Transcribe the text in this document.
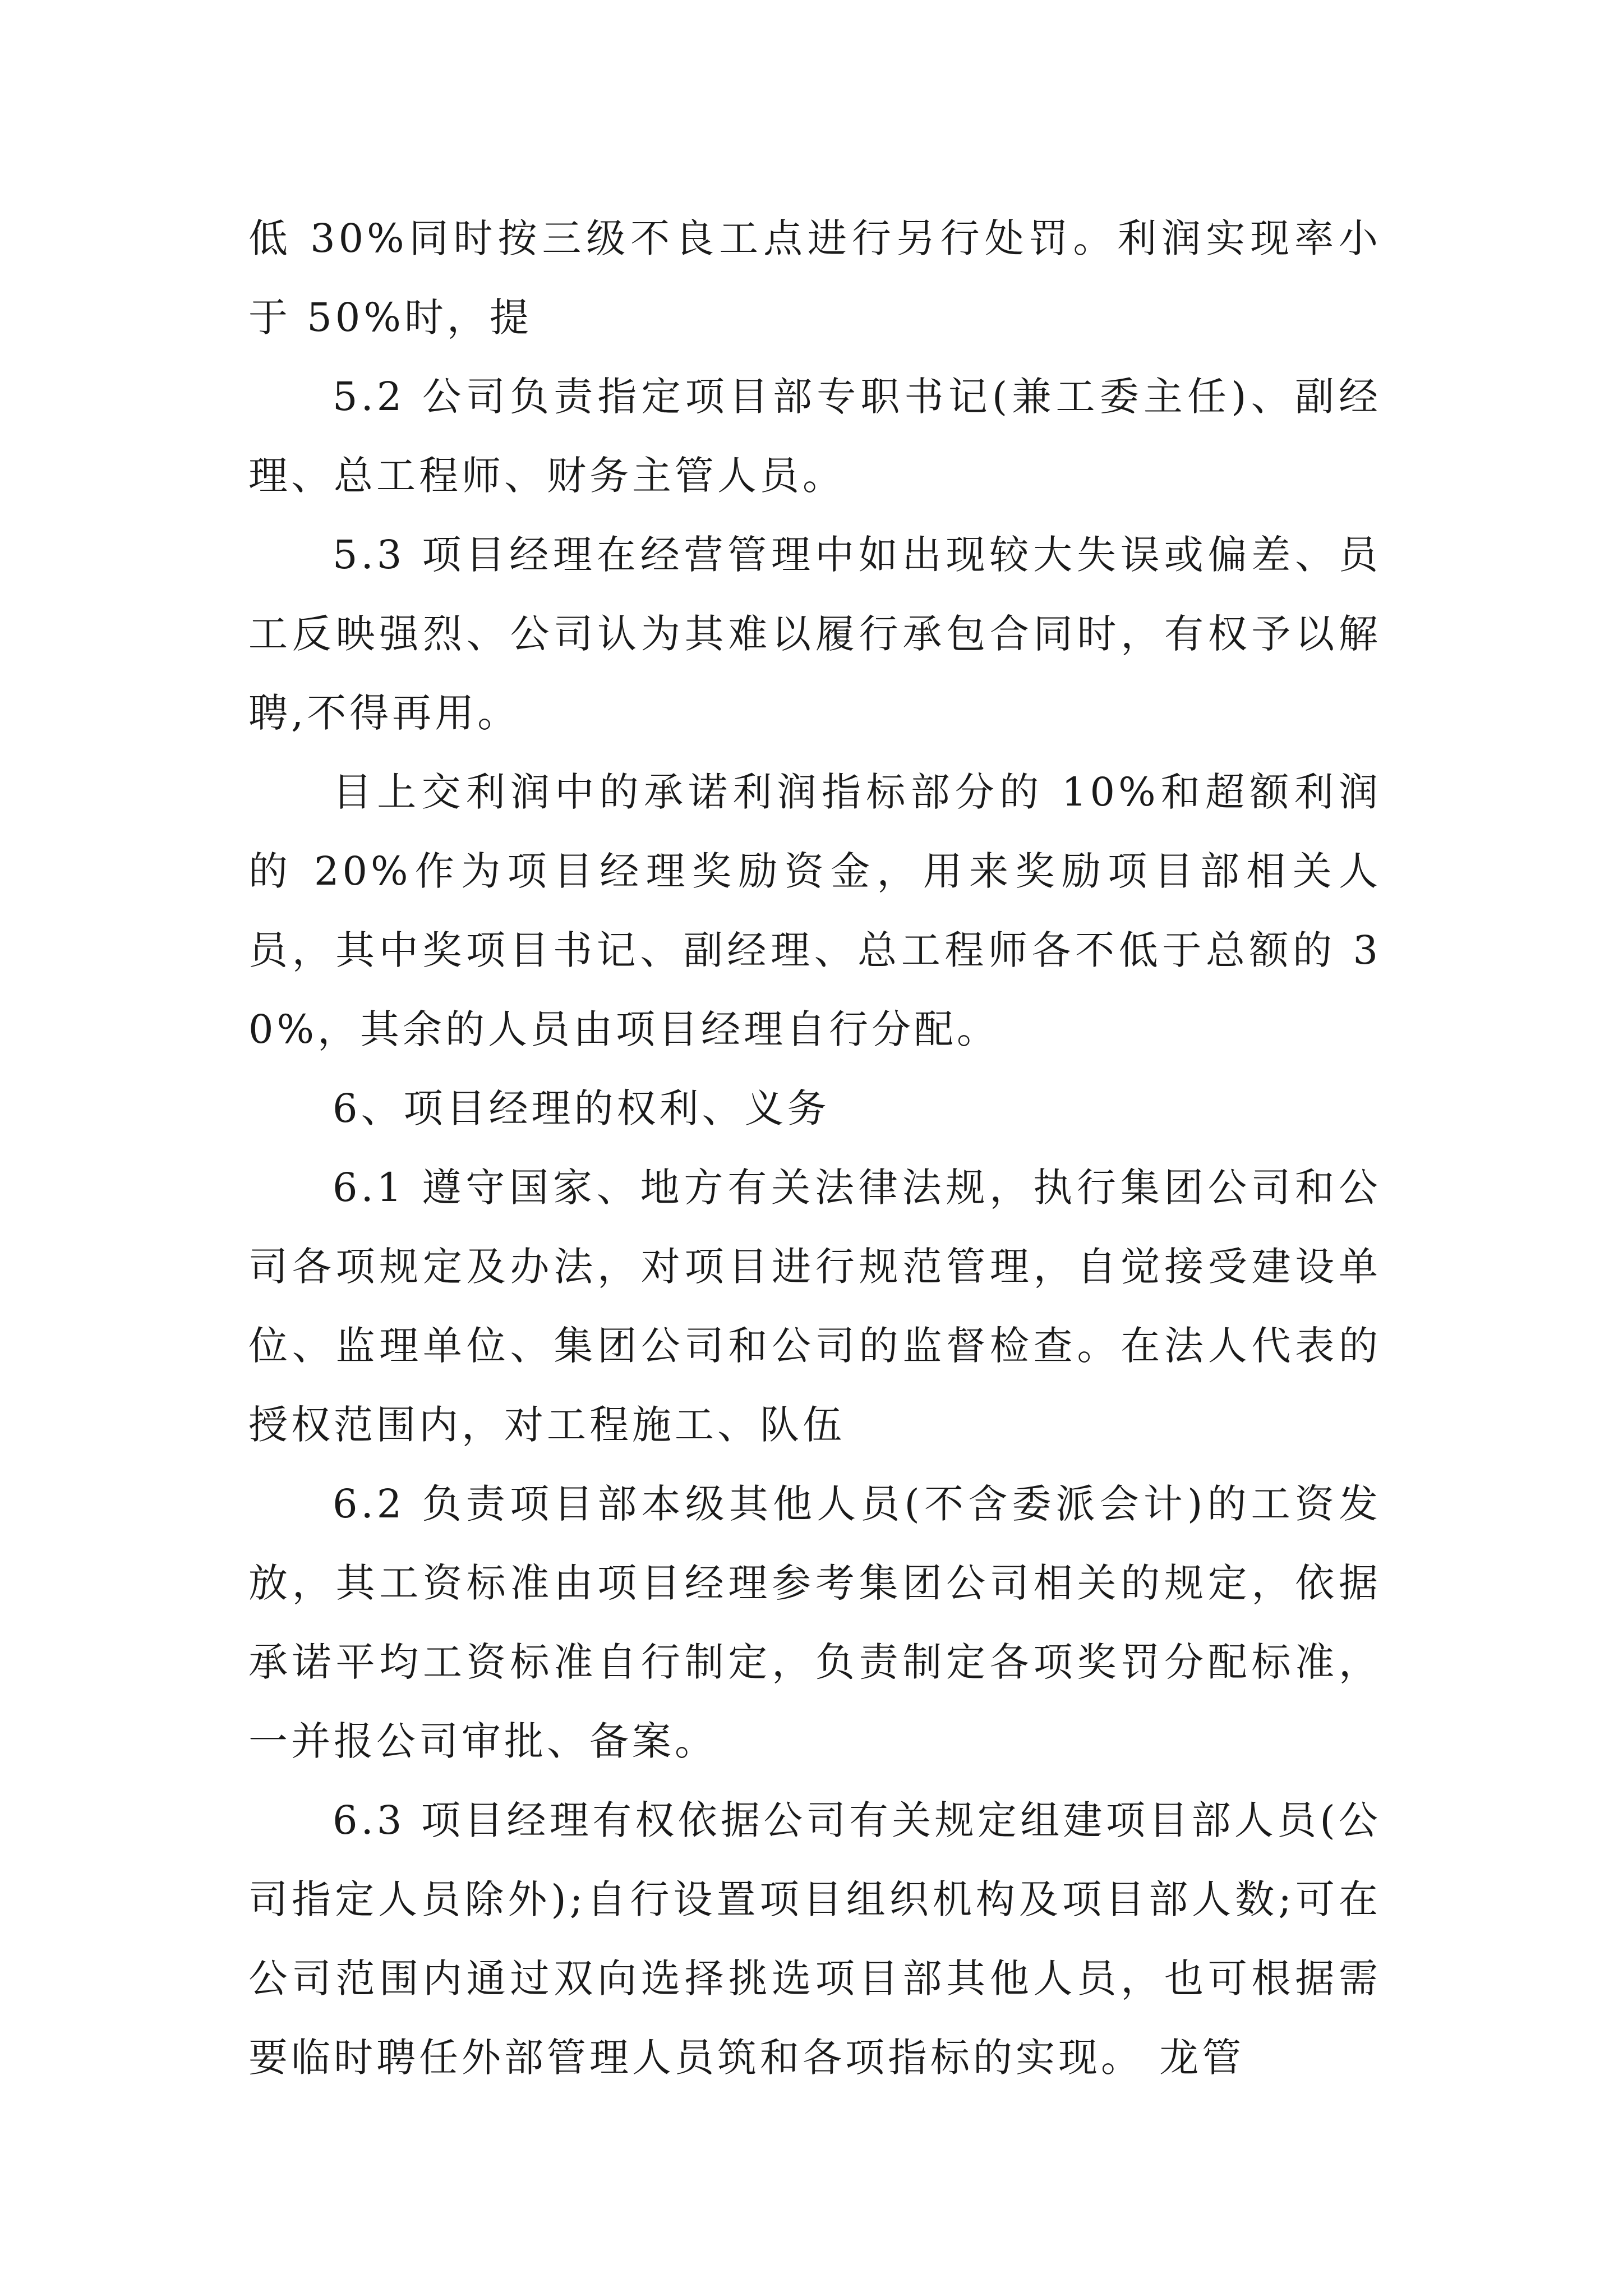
低 30%同时按三级不良工点进行另行处罚。利润实现率小于 50%时，提

5.2 公司负责指定项目部专职书记(兼工委主任)、副经理、总工程师、财务主管人员。

5.3 项目经理在经营管理中如出现较大失误或偏差、员工反映强烈、公司认为其难以履行承包合同时，有权予以解聘,不得再用。

目上交利润中的承诺利润指标部分的 10%和超额利润的 20%作为项目经理奖励资金，用来奖励项目部相关人员，其中奖项目书记、副经理、总工程师各不低于总额的 30%，其余的人员由项目经理自行分配。

6、项目经理的权利、义务

6.1 遵守国家、地方有关法律法规，执行集团公司和公司各项规定及办法，对项目进行规范管理，自觉接受建设单位、监理单位、集团公司和公司的监督检查。在法人代表的授权范围内，对工程施工、队伍

6.2 负责项目部本级其他人员(不含委派会计)的工资发放，其工资标准由项目经理参考集团公司相关的规定，依据承诺平均工资标准自行制定，负责制定各项奖罚分配标准，一并报公司审批、备案。

6.3 项目经理有权依据公司有关规定组建项目部人员(公司指定人员除外);自行设置项目组织机构及项目部人数;可在公司范围内通过双向选择挑选项目部其他人员，也可根据需要临时聘任外部管理人员筑和各项指标的实现。 龙管
